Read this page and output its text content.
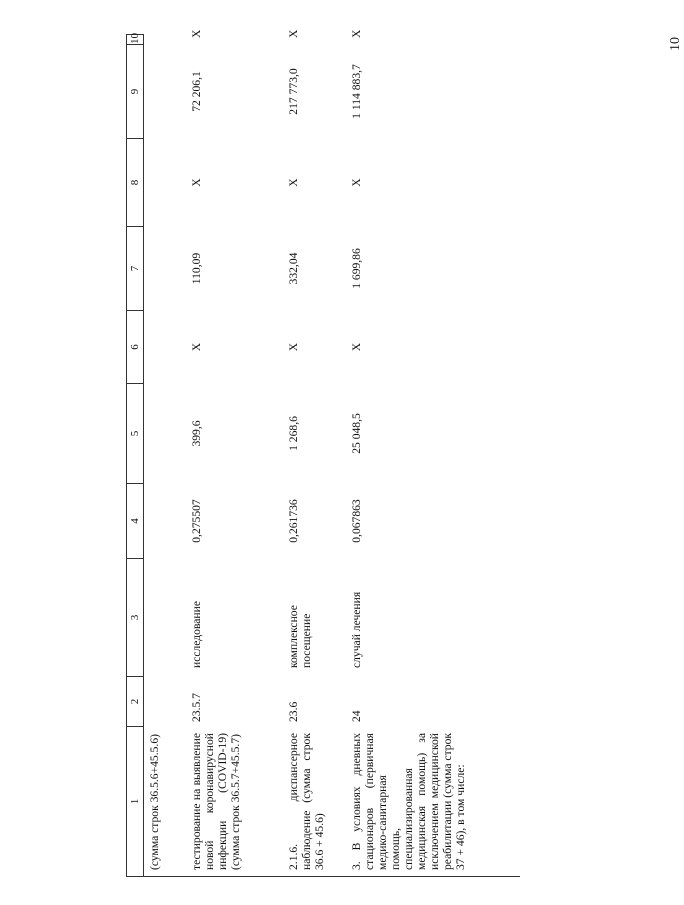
10
1	2	3	4	5	6	7	8	9	10
(сумма строк 36.5.6+45.5.6)									
тестирование на выявление новой коронавирусной инфекции (COVID-19) (сумма строк 36.5.7+45.5.7)	23.5.7	исследование	0,275507	399,6	X	110,09	X	72 206,1	X
2.1.6. диспансерное наблюдение (сумма строк 36.6 + 45.6)	23.6	комплексное посещение	0,261736	1 268,6	X	332,04	X	217 773,0	X
3. В условиях дневных стационаров (первичная медико-санитарная помощь, специализированная медицинская помощь) за исключением медицинской реабилитации (сумма строк 37 + 46), в том числе:	24	случай лечения	0,067863	25 048,5	X	1 699,86	X	1 114 883,7	X
